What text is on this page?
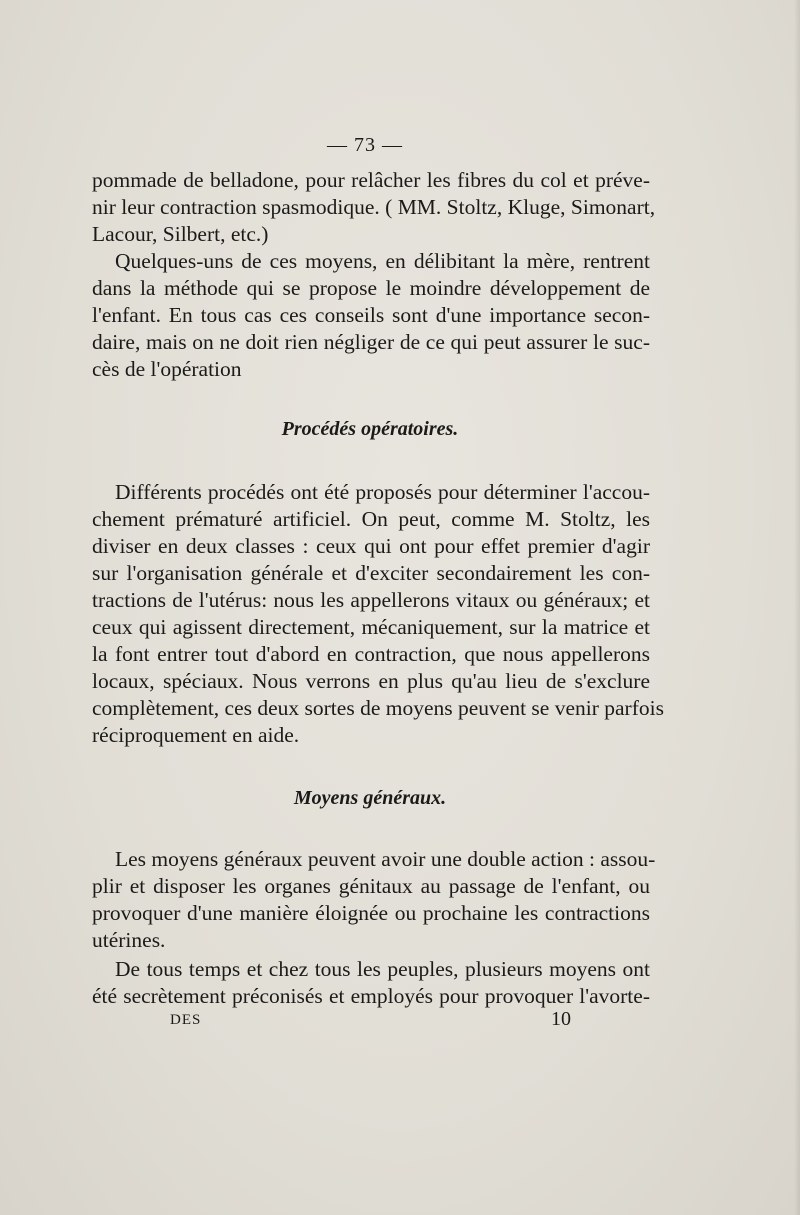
— 73 —
pommade de belladone, pour relâcher les fibres du col et préve-
nir leur contraction spasmodique. ( MM. Stoltz, Kluge, Simonart,
Lacour, Silbert, etc.)
Quelques-uns de ces moyens, en délibitant la mère, rentrent
dans la méthode qui se propose le moindre développement de
l'enfant. En tous cas ces conseils sont d'une importance secon-
daire, mais on ne doit rien négliger de ce qui peut assurer le suc-
cès de l'opération
Procédés opératoires.
Différents procédés ont été proposés pour déterminer l'accou-
chement prématuré artificiel. On peut, comme M. Stoltz, les
diviser en deux classes : ceux qui ont pour effet premier d'agir
sur l'organisation générale et d'exciter secondairement les con-
tractions de l'utérus: nous les appellerons vitaux ou généraux; et
ceux qui agissent directement, mécaniquement, sur la matrice et
la font entrer tout d'abord en contraction, que nous appellerons
locaux, spéciaux. Nous verrons en plus qu'au lieu de s'exclure
complètement, ces deux sortes de moyens peuvent se venir parfois
réciproquement en aide.
Moyens généraux.
Les moyens généraux peuvent avoir une double action : assou-
plir et disposer les organes génitaux au passage de l'enfant, ou
provoquer d'une manière éloignée ou prochaine les contractions
utérines.
De tous temps et chez tous les peuples, plusieurs moyens ont
été secrètement préconisés et employés pour provoquer l'avorte-
DES	10
